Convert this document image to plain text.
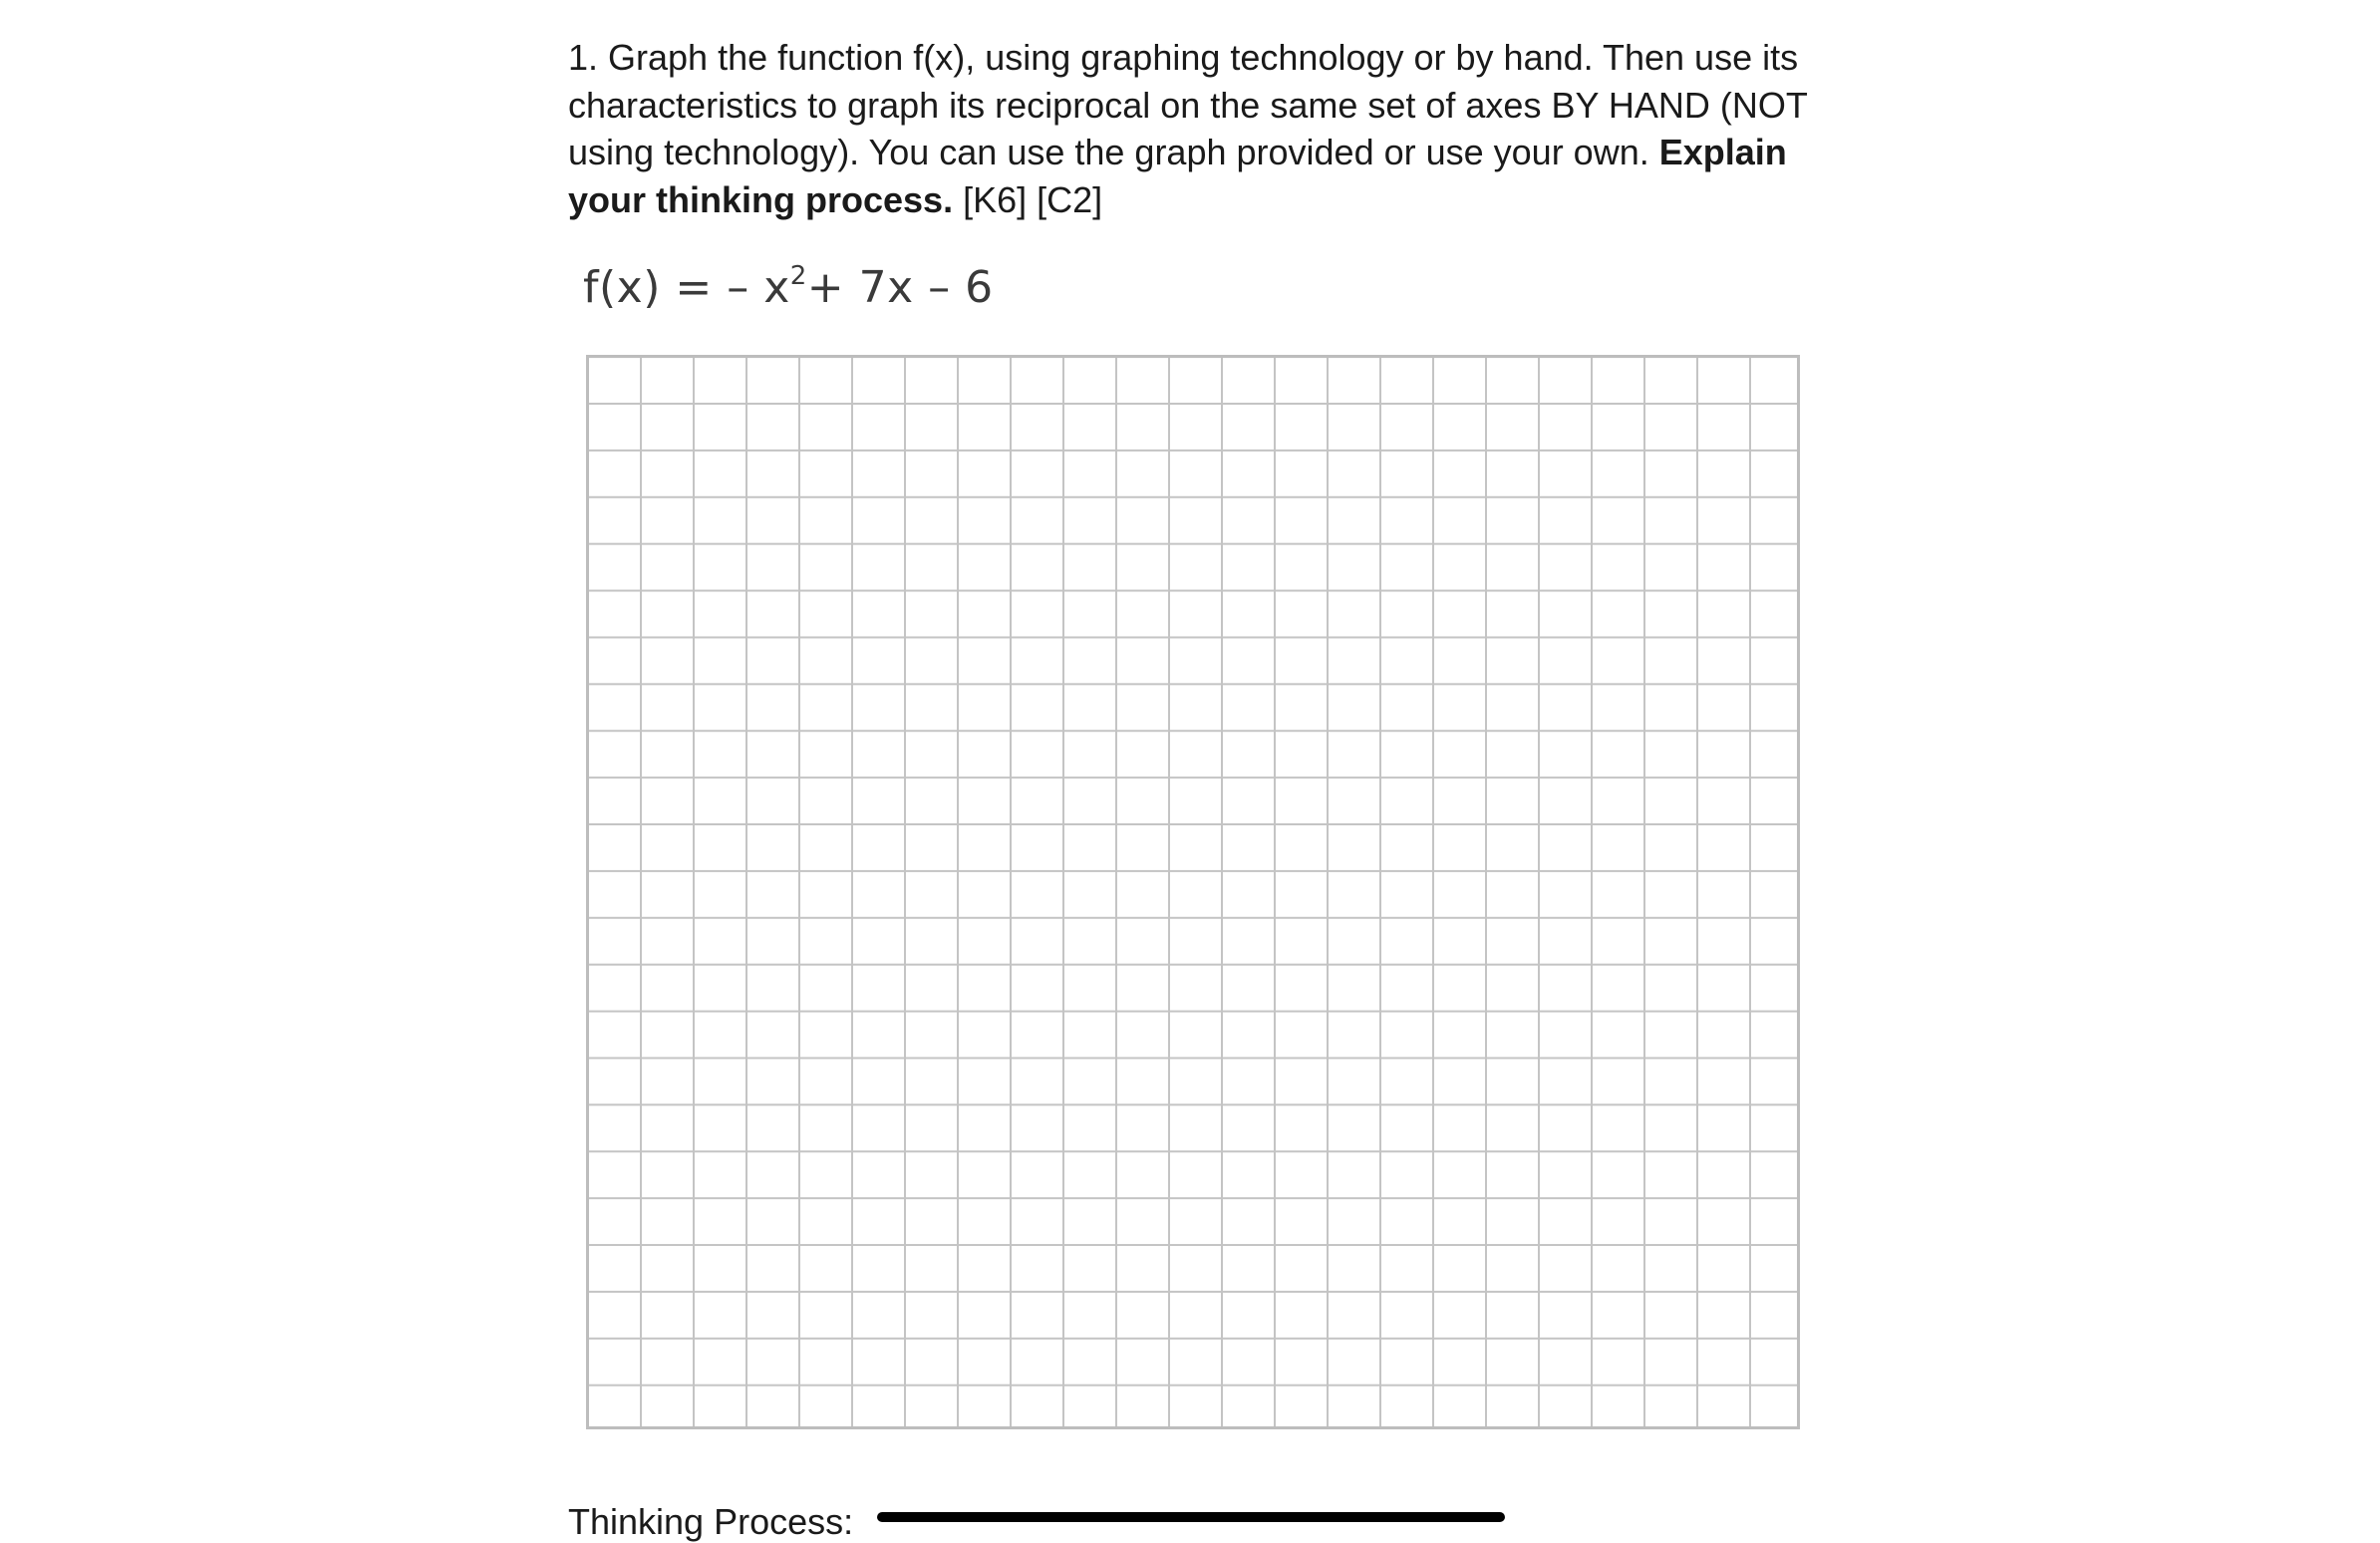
1. Graph the function f(x), using graphing technology or by hand. Then use its characteristics to graph its reciprocal on the same set of axes BY HAND (NOT using technology). You can use the graph provided or use your own. Explain your thinking process. [K6] [C2]

f(x) = – $x^2+ 7x - 6$
Thinking Process:
